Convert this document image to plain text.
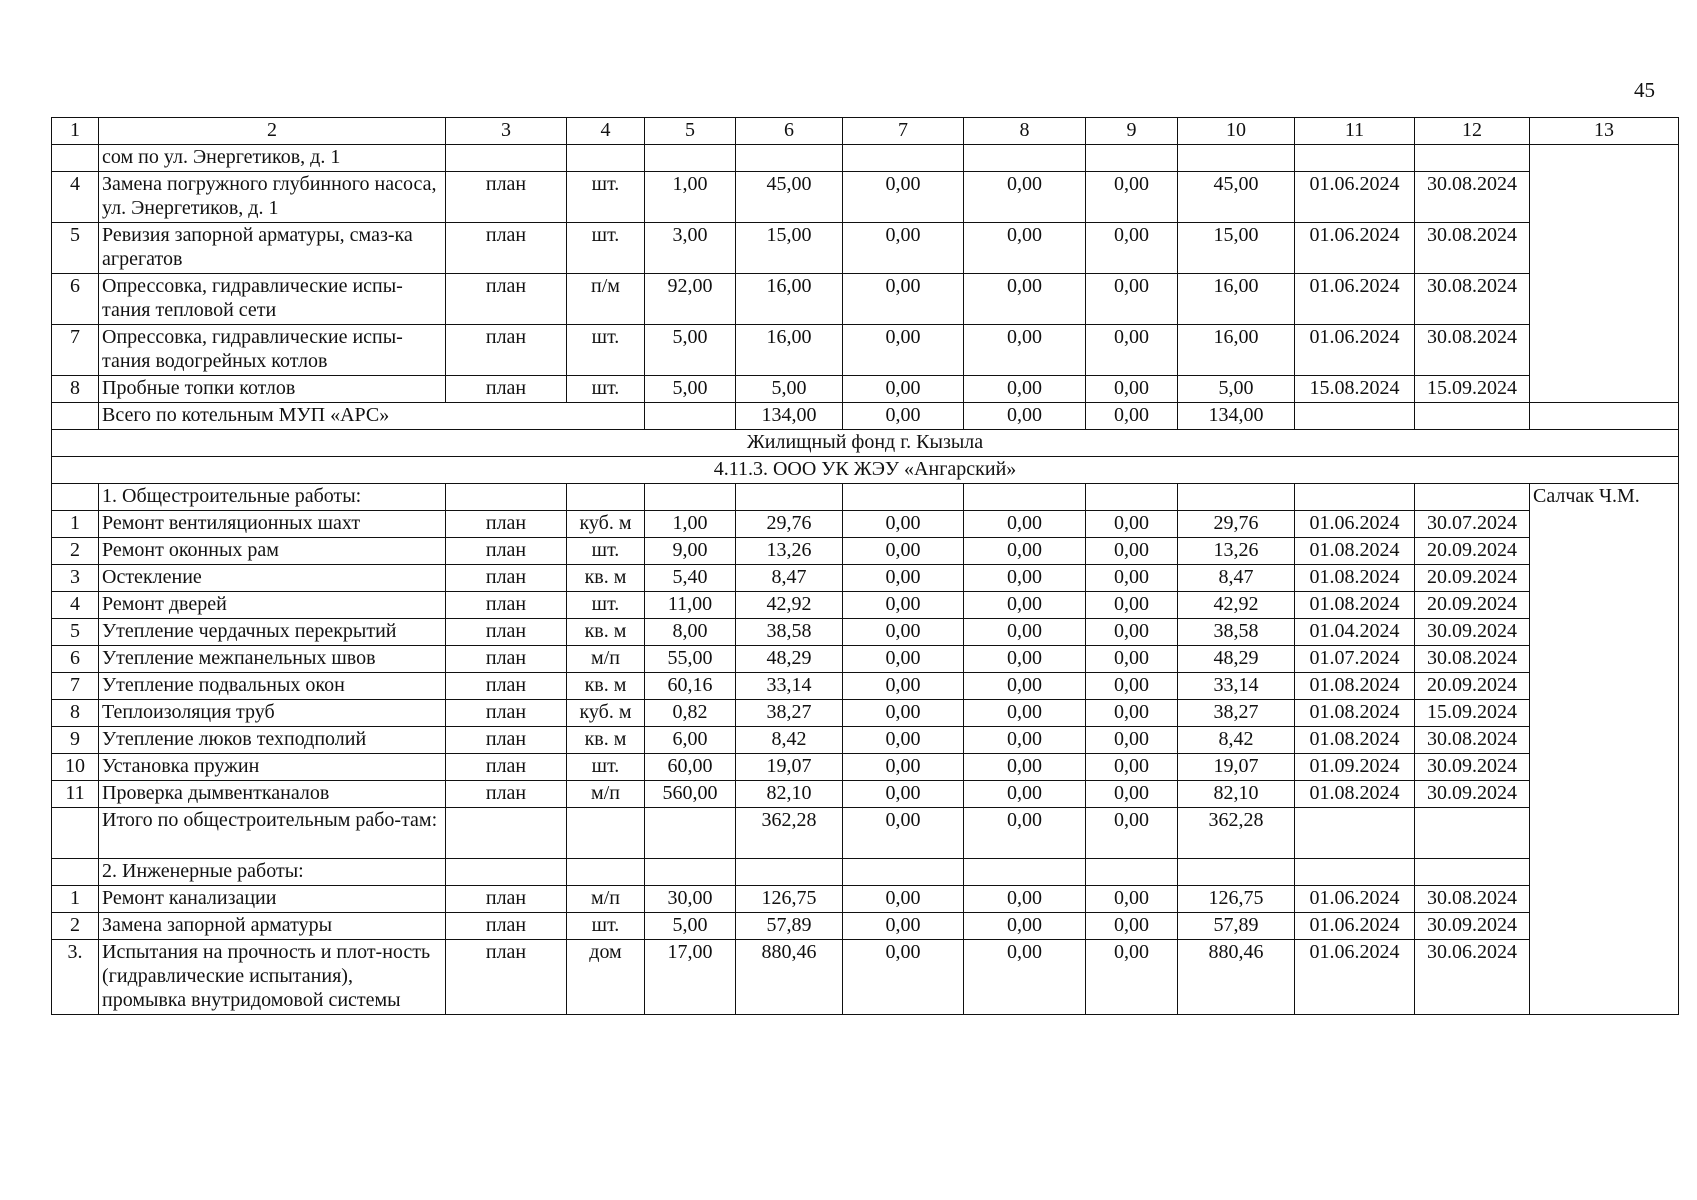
45
1	2	3	4	5	6	7	8	9	10	11	12	13
	сом по ул. Энергетиков, д. 1											
4	Замена погружного глубинного насоса, ул. Энергетиков, д. 1	план	шт.	1,00	45,00	0,00	0,00	0,00	45,00	01.06.2024	30.08.2024	
5	Ревизия запорной арматуры, смаз-ка агрегатов	план	шт.	3,00	15,00	0,00	0,00	0,00	15,00	01.06.2024	30.08.2024	
6	Опрессовка, гидравлические испы-тания тепловой сети	план	п/м	92,00	16,00	0,00	0,00	0,00	16,00	01.06.2024	30.08.2024	
7	Опрессовка, гидравлические испы-тания водогрейных котлов	план	шт.	5,00	16,00	0,00	0,00	0,00	16,00	01.06.2024	30.08.2024	
8	Пробные топки котлов	план	шт.	5,00	5,00	0,00	0,00	0,00	5,00	15.08.2024	15.09.2024	
	Всего по котельным МУП «АРС»				134,00	0,00	0,00	0,00	134,00			
Жилищный фонд г. Кызыла												
4.11.3. ООО УК ЖЭУ «Ангарский»												
	1. Общестроительные работы:											Салчак Ч.М.
1	Ремонт вентиляционных шахт	план	куб. м	1,00	29,76	0,00	0,00	0,00	29,76	01.06.2024	30.07.2024	
2	Ремонт оконных рам	план	шт.	9,00	13,26	0,00	0,00	0,00	13,26	01.08.2024	20.09.2024	
3	Остекление	план	кв. м	5,40	8,47	0,00	0,00	0,00	8,47	01.08.2024	20.09.2024	
4	Ремонт дверей	план	шт.	11,00	42,92	0,00	0,00	0,00	42,92	01.08.2024	20.09.2024	
5	Утепление чердачных перекрытий	план	кв. м	8,00	38,58	0,00	0,00	0,00	38,58	01.04.2024	30.09.2024	
6	Утепление межпанельных швов	план	м/п	55,00	48,29	0,00	0,00	0,00	48,29	01.07.2024	30.08.2024	
7	Утепление подвальных окон	план	кв. м	60,16	33,14	0,00	0,00	0,00	33,14	01.08.2024	20.09.2024	
8	Теплоизоляция труб	план	куб. м	0,82	38,27	0,00	0,00	0,00	38,27	01.08.2024	15.09.2024	
9	Утепление люков техподполий	план	кв. м	6,00	8,42	0,00	0,00	0,00	8,42	01.08.2024	30.08.2024	
10	Установка пружин	план	шт.	60,00	19,07	0,00	0,00	0,00	19,07	01.09.2024	30.09.2024	
11	Проверка дымвентканалов	план	м/п	560,00	82,10	0,00	0,00	0,00	82,10	01.08.2024	30.09.2024	
	Итого по общестроительным рабо-там:				362,28	0,00	0,00	0,00	362,28			
	2. Инженерные работы:											
1	Ремонт канализации	план	м/п	30,00	126,75	0,00	0,00	0,00	126,75	01.06.2024	30.08.2024	
2	Замена запорной арматуры	план	шт.	5,00	57,89	0,00	0,00	0,00	57,89	01.06.2024	30.09.2024	
3.	Испытания на прочность и плот-ность (гидравлические испытания), промывка внутридомовой системы	план	дом	17,00	880,46	0,00	0,00	0,00	880,46	01.06.2024	30.06.2024	
